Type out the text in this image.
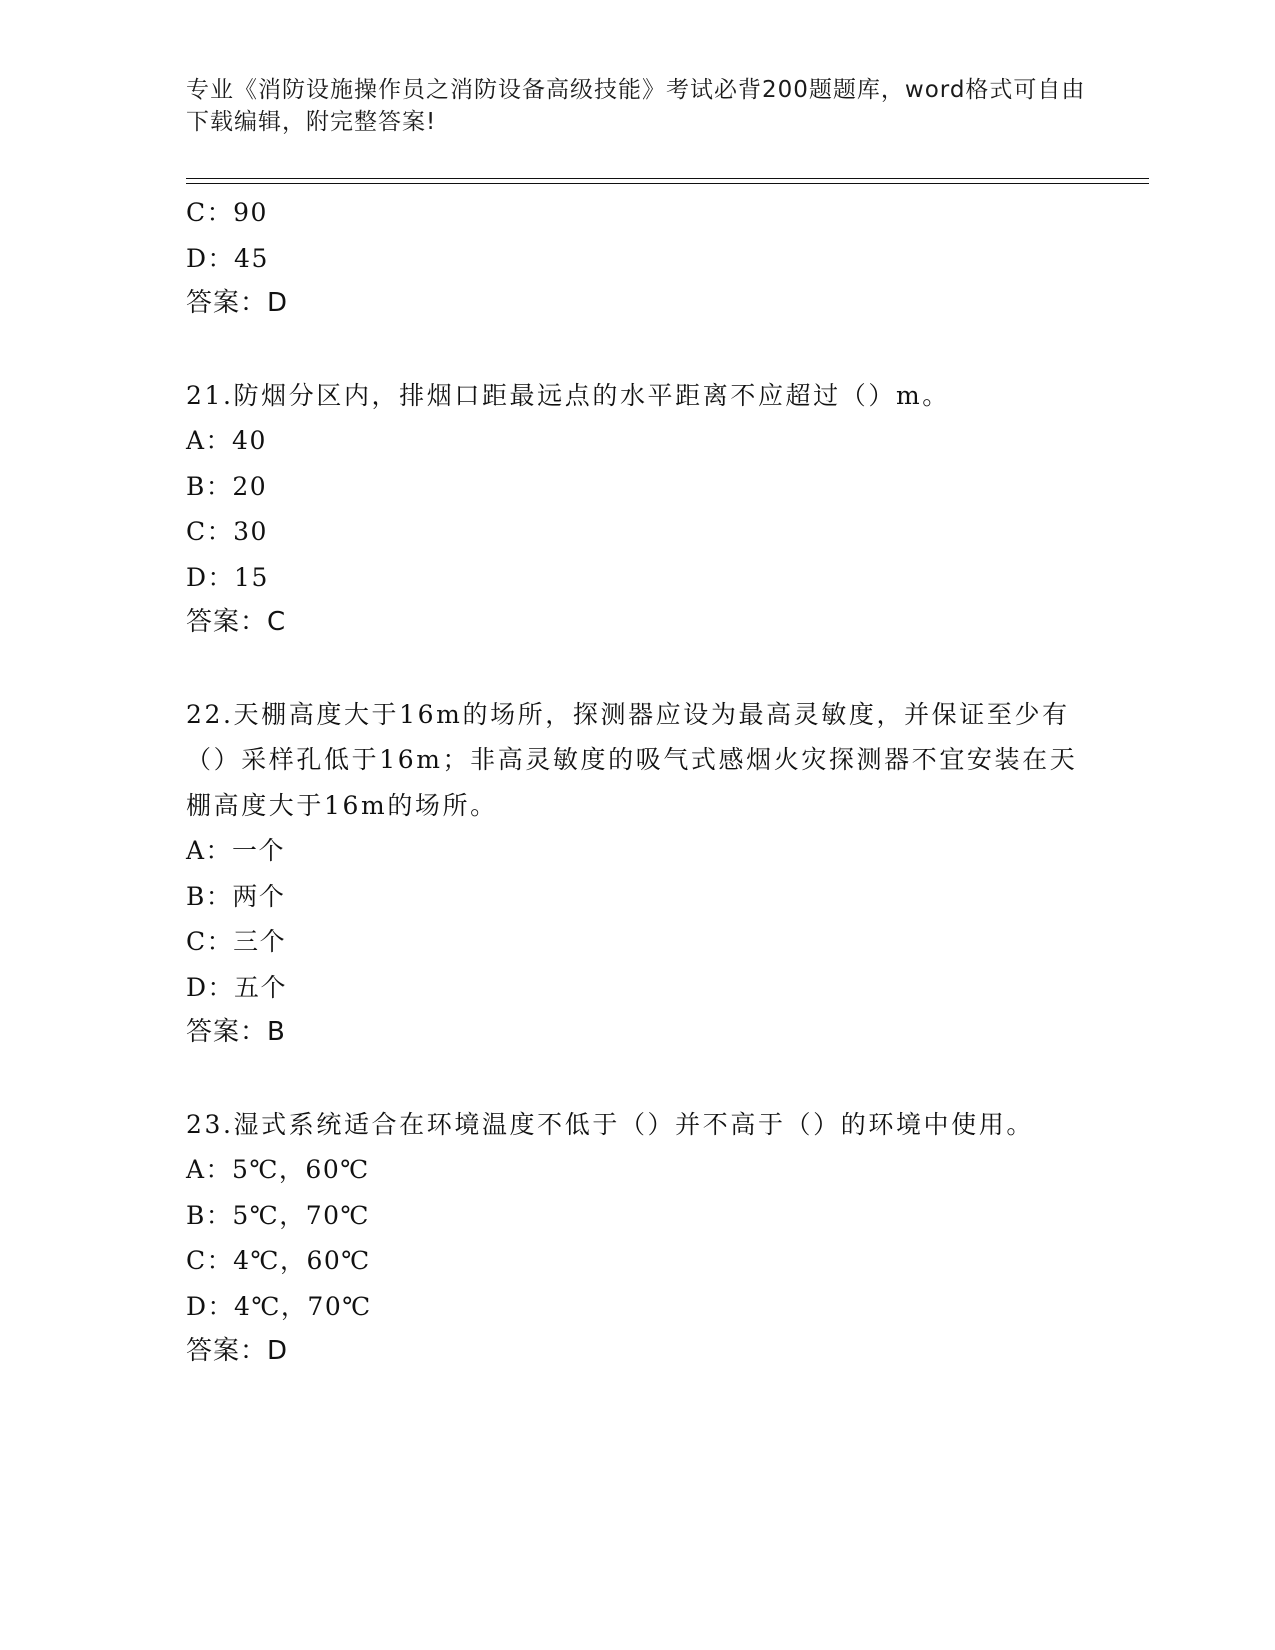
专业《消防设施操作员之消防设备高级技能》考试必背200题题库，word格式可自由下载编辑，附完整答案!
C：90
D：45
答案：D
21.防烟分区内，排烟口距最远点的水平距离不应超过（）m。
A：40
B：20
C：30
D：15
答案：C
22.天棚高度大于16m的场所，探测器应设为最高灵敏度，并保证至少有（）采样孔低于16m；非高灵敏度的吸气式感烟火灾探测器不宜安装在天棚高度大于16m的场所。
A：一个
B：两个
C：三个
D：五个
答案：B
23.湿式系统适合在环境温度不低于（）并不高于（）的环境中使用。
A：5℃，60℃
B：5℃，70℃
C：4℃，60℃
D：4℃，70℃
答案：D
